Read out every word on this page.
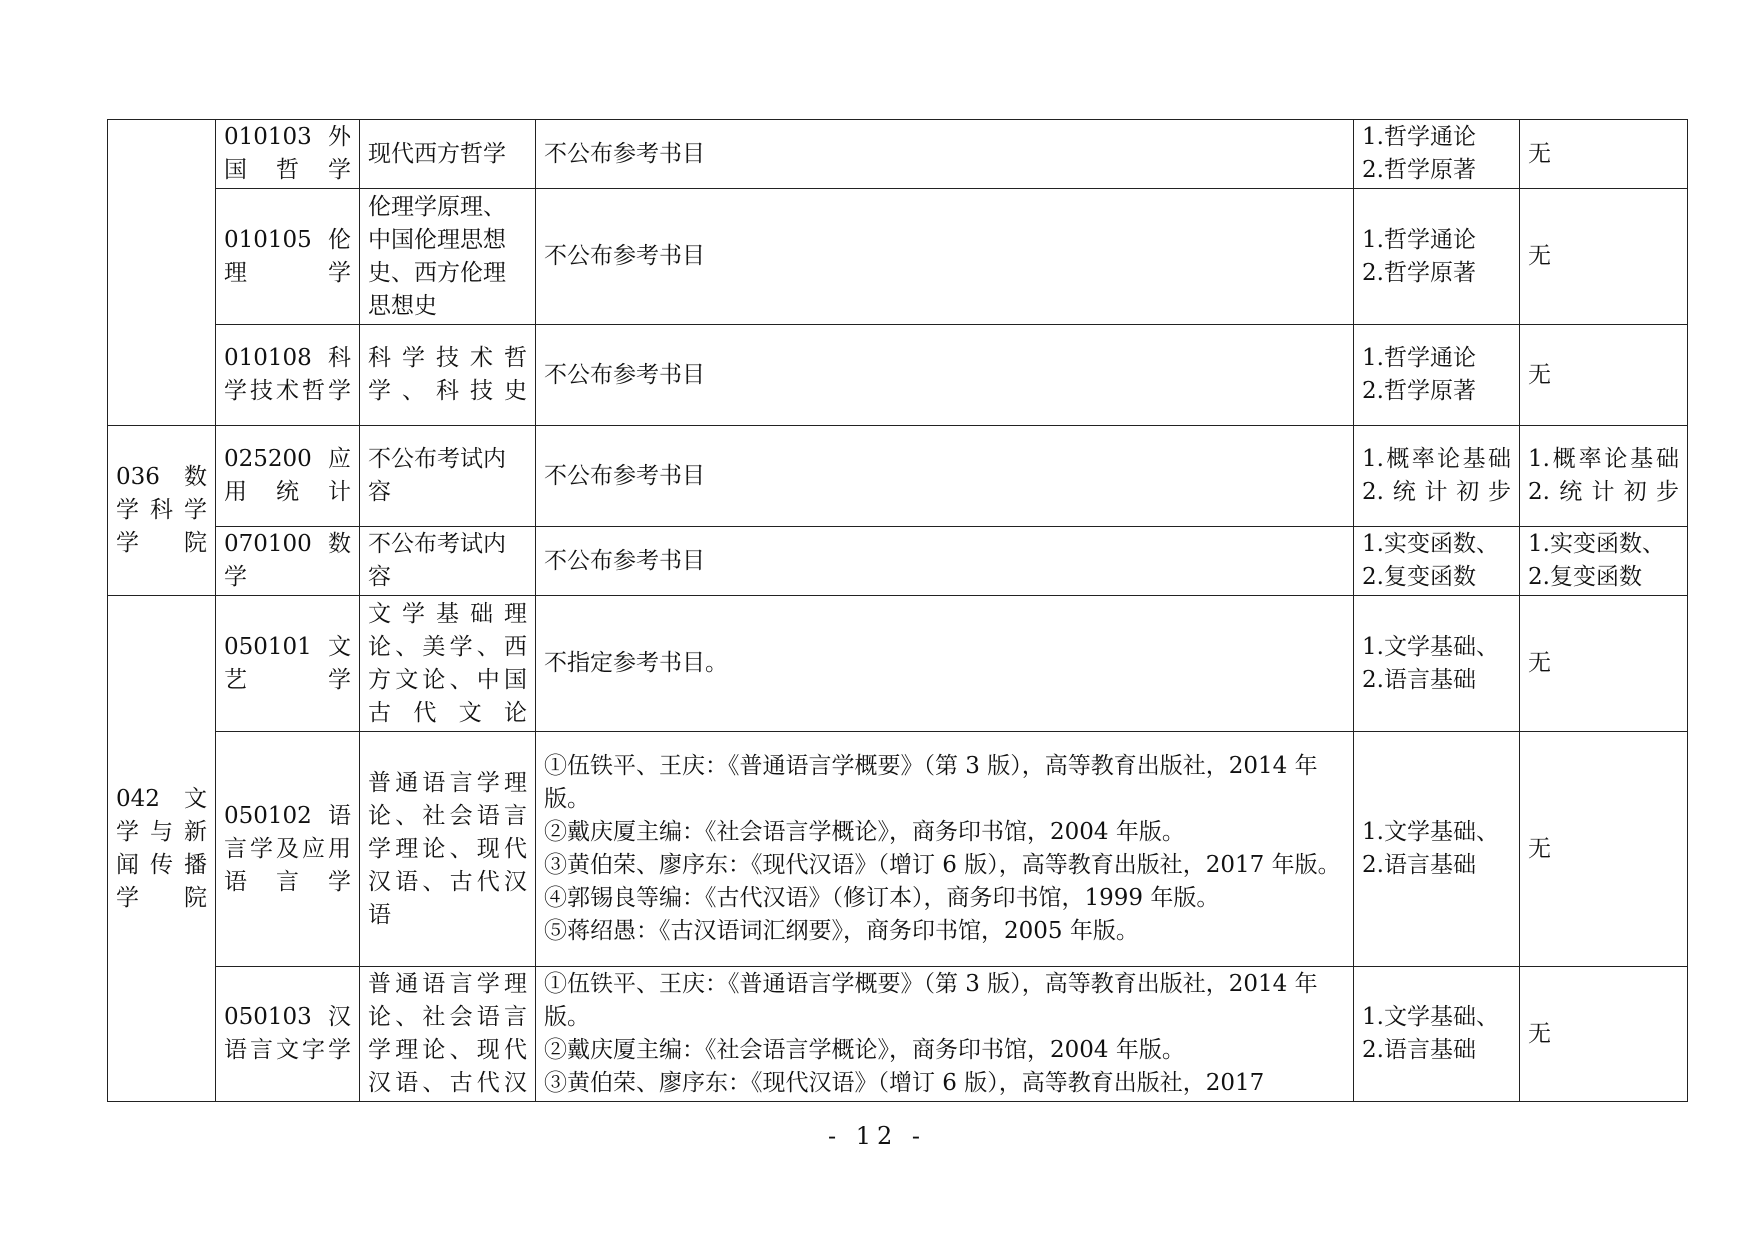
	010103 外国哲学	现代西方哲学	不公布参考书目	1.哲学通论
2.哲学原著	无

	010105 伦理学	伦理学原理、中国伦理思想史、西方伦理思想史	不公布参考书目	1.哲学通论
2.哲学原著	无

	010108 科学技术哲学	科学技术哲学、科技史	不公布参考书目	1.哲学通论
2.哲学原著	无

036 数学科学学院	025200 应用统计	不公布考试内容	不公布参考书目	1.概率论基础
2.统计初步	1.概率论基础
2.统计初步

	070100 数学	不公布考试内容	不公布参考书目	1.实变函数、
2.复变函数	1.实变函数、
2.复变函数

042 文学与新闻传播学院	050101 文艺学	文学基础理论、美学、西方文论、中国古代文论	不指定参考书目。	1.文学基础、
2.语言基础	无

	050102 语言学及应用语言学	普通语言学理论、社会语言学理论、现代汉语、古代汉语	①伍铁平、王庆：《普通语言学概要》（第 3 版），高等教育出版社，2014 年版。
②戴庆厦主编：《社会语言学概论》，商务印书馆，2004 年版。
③黄伯荣、廖序东：《现代汉语》（增订 6 版），高等教育出版社，2017 年版。
④郭锡良等编：《古代汉语》（修订本），商务印书馆，1999 年版。
⑤蒋绍愚：《古汉语词汇纲要》，商务印书馆，2005 年版。	1.文学基础、
2.语言基础	无

	050103 汉语言文字学	普通语言学理论、社会语言学理论、现代汉语、古代汉	①伍铁平、王庆：《普通语言学概要》（第 3 版），高等教育出版社，2014 年版。
②戴庆厦主编：《社会语言学概论》，商务印书馆，2004 年版。
③黄伯荣、廖序东：《现代汉语》（增订 6 版），高等教育出版社，2017	1.文学基础、
2.语言基础	无
- 12 -
